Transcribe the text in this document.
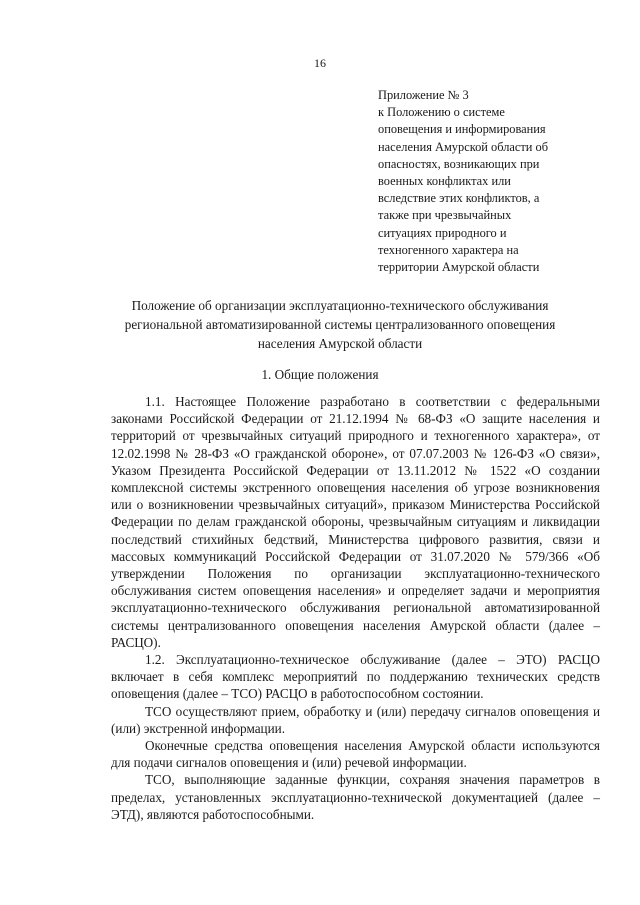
16

Приложение № 3

к Положению о системе

оповещения и информирования

населения Амурской области об

опасностях, возникающих при

военных конфликтах или

вследствие этих конфликтов, а

также при чрезвычайных

ситуациях природного и

техногенного характера на

территории Амурской области

Положение об организации эксплуатационно-технического обслуживания
региональной автоматизированной системы централизованного оповещения
населения Амурской области
1. Общие положения

1.1. Настоящее Положение разработано в соответствии с федеральными законами Российской Федерации от 21.12.1994 № 68-ФЗ «О защите населения и территорий от чрезвычайных ситуаций природного и техногенного характера», от 12.02.1998 № 28-ФЗ «О гражданской обороне», от 07.07.2003 № 126-ФЗ «О связи», Указом Президента Российской Федерации от 13.11.2012 № 1522 «О создании комплексной системы экстренного оповещения населения об угрозе возникновения или о возникновении чрезвычайных ситуаций», приказом Министерства Российской Федерации по делам гражданской обороны, чрезвычайным ситуациям и ликвидации последствий стихийных бедствий, Министерства цифрового развития, связи и массовых коммуникаций Российской Федерации от 31.07.2020 № 579/366 «Об утверждении Положения по организации эксплуатационно-технического обслуживания систем оповещения населения» и определяет задачи и мероприятия эксплуатационно-технического обслуживания региональной автоматизированной системы централизованного оповещения населения Амурской области (далее – РАСЦО).

1.2. Эксплуатационно-техническое обслуживание (далее – ЭТО) РАСЦО включает в себя комплекс мероприятий по поддержанию технических средств оповещения (далее – ТСО) РАСЦО в работоспособном состоянии.

ТСО осуществляют прием, обработку и (или) передачу сигналов оповещения и (или) экстренной информации.

Оконечные средства оповещения населения Амурской области используются для подачи сигналов оповещения и (или) речевой информации.

ТСО, выполняющие заданные функции, сохраняя значения параметров в пределах, установленных эксплуатационно-технической документацией (далее – ЭТД), являются работоспособными.
